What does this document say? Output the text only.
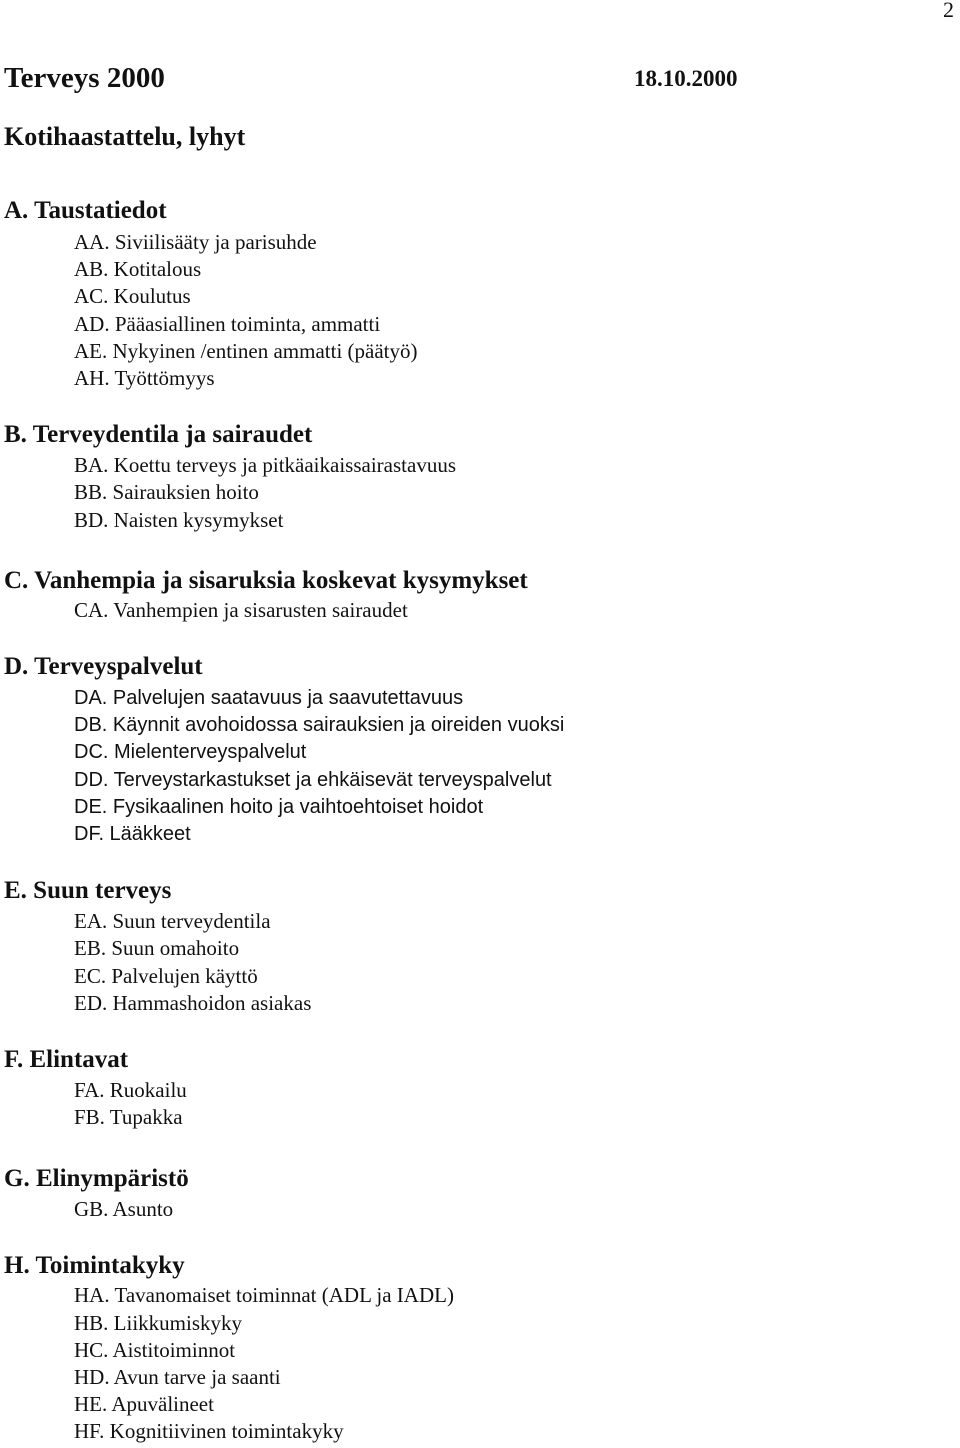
2
Terveys 2000	18.10.2000
Kotihaastattelu, lyhyt
A. Taustatiedot
AA. Siviilisääty ja parisuhde
AB. Kotitalous
AC. Koulutus
AD. Pääasiallinen toiminta, ammatti
AE. Nykyinen /entinen ammatti (päätyö)
AH. Työttömyys
B. Terveydentila ja sairaudet
BA. Koettu terveys ja pitkäaikaissairastavuus
BB. Sairauksien hoito
BD. Naisten kysymykset
C. Vanhempia ja sisaruksia koskevat kysymykset
CA. Vanhempien ja sisarusten sairaudet
D. Terveyspalvelut
DA. Palvelujen saatavuus ja saavutettavuus
DB. Käynnit avohoidossa sairauksien ja oireiden vuoksi
DC. Mielenterveyspalvelut
DD. Terveystarkastukset ja ehkäisevät terveyspalvelut
DE. Fysikaalinen hoito ja vaihtoehtoiset hoidot
DF. Lääkkeet
E. Suun terveys
EA. Suun terveydentila
EB. Suun omahoito
EC. Palvelujen käyttö
ED. Hammashoidon asiakas
F. Elintavat
FA. Ruokailu
FB. Tupakka
G. Elinympäristö
GB. Asunto
H. Toimintakyky
HA. Tavanomaiset toiminnat (ADL ja IADL)
HB. Liikkumiskyky
HC. Aistitoiminnot
HD. Avun tarve ja saanti
HE. Apuvälineet
HF. Kognitiivinen toimintakyky
